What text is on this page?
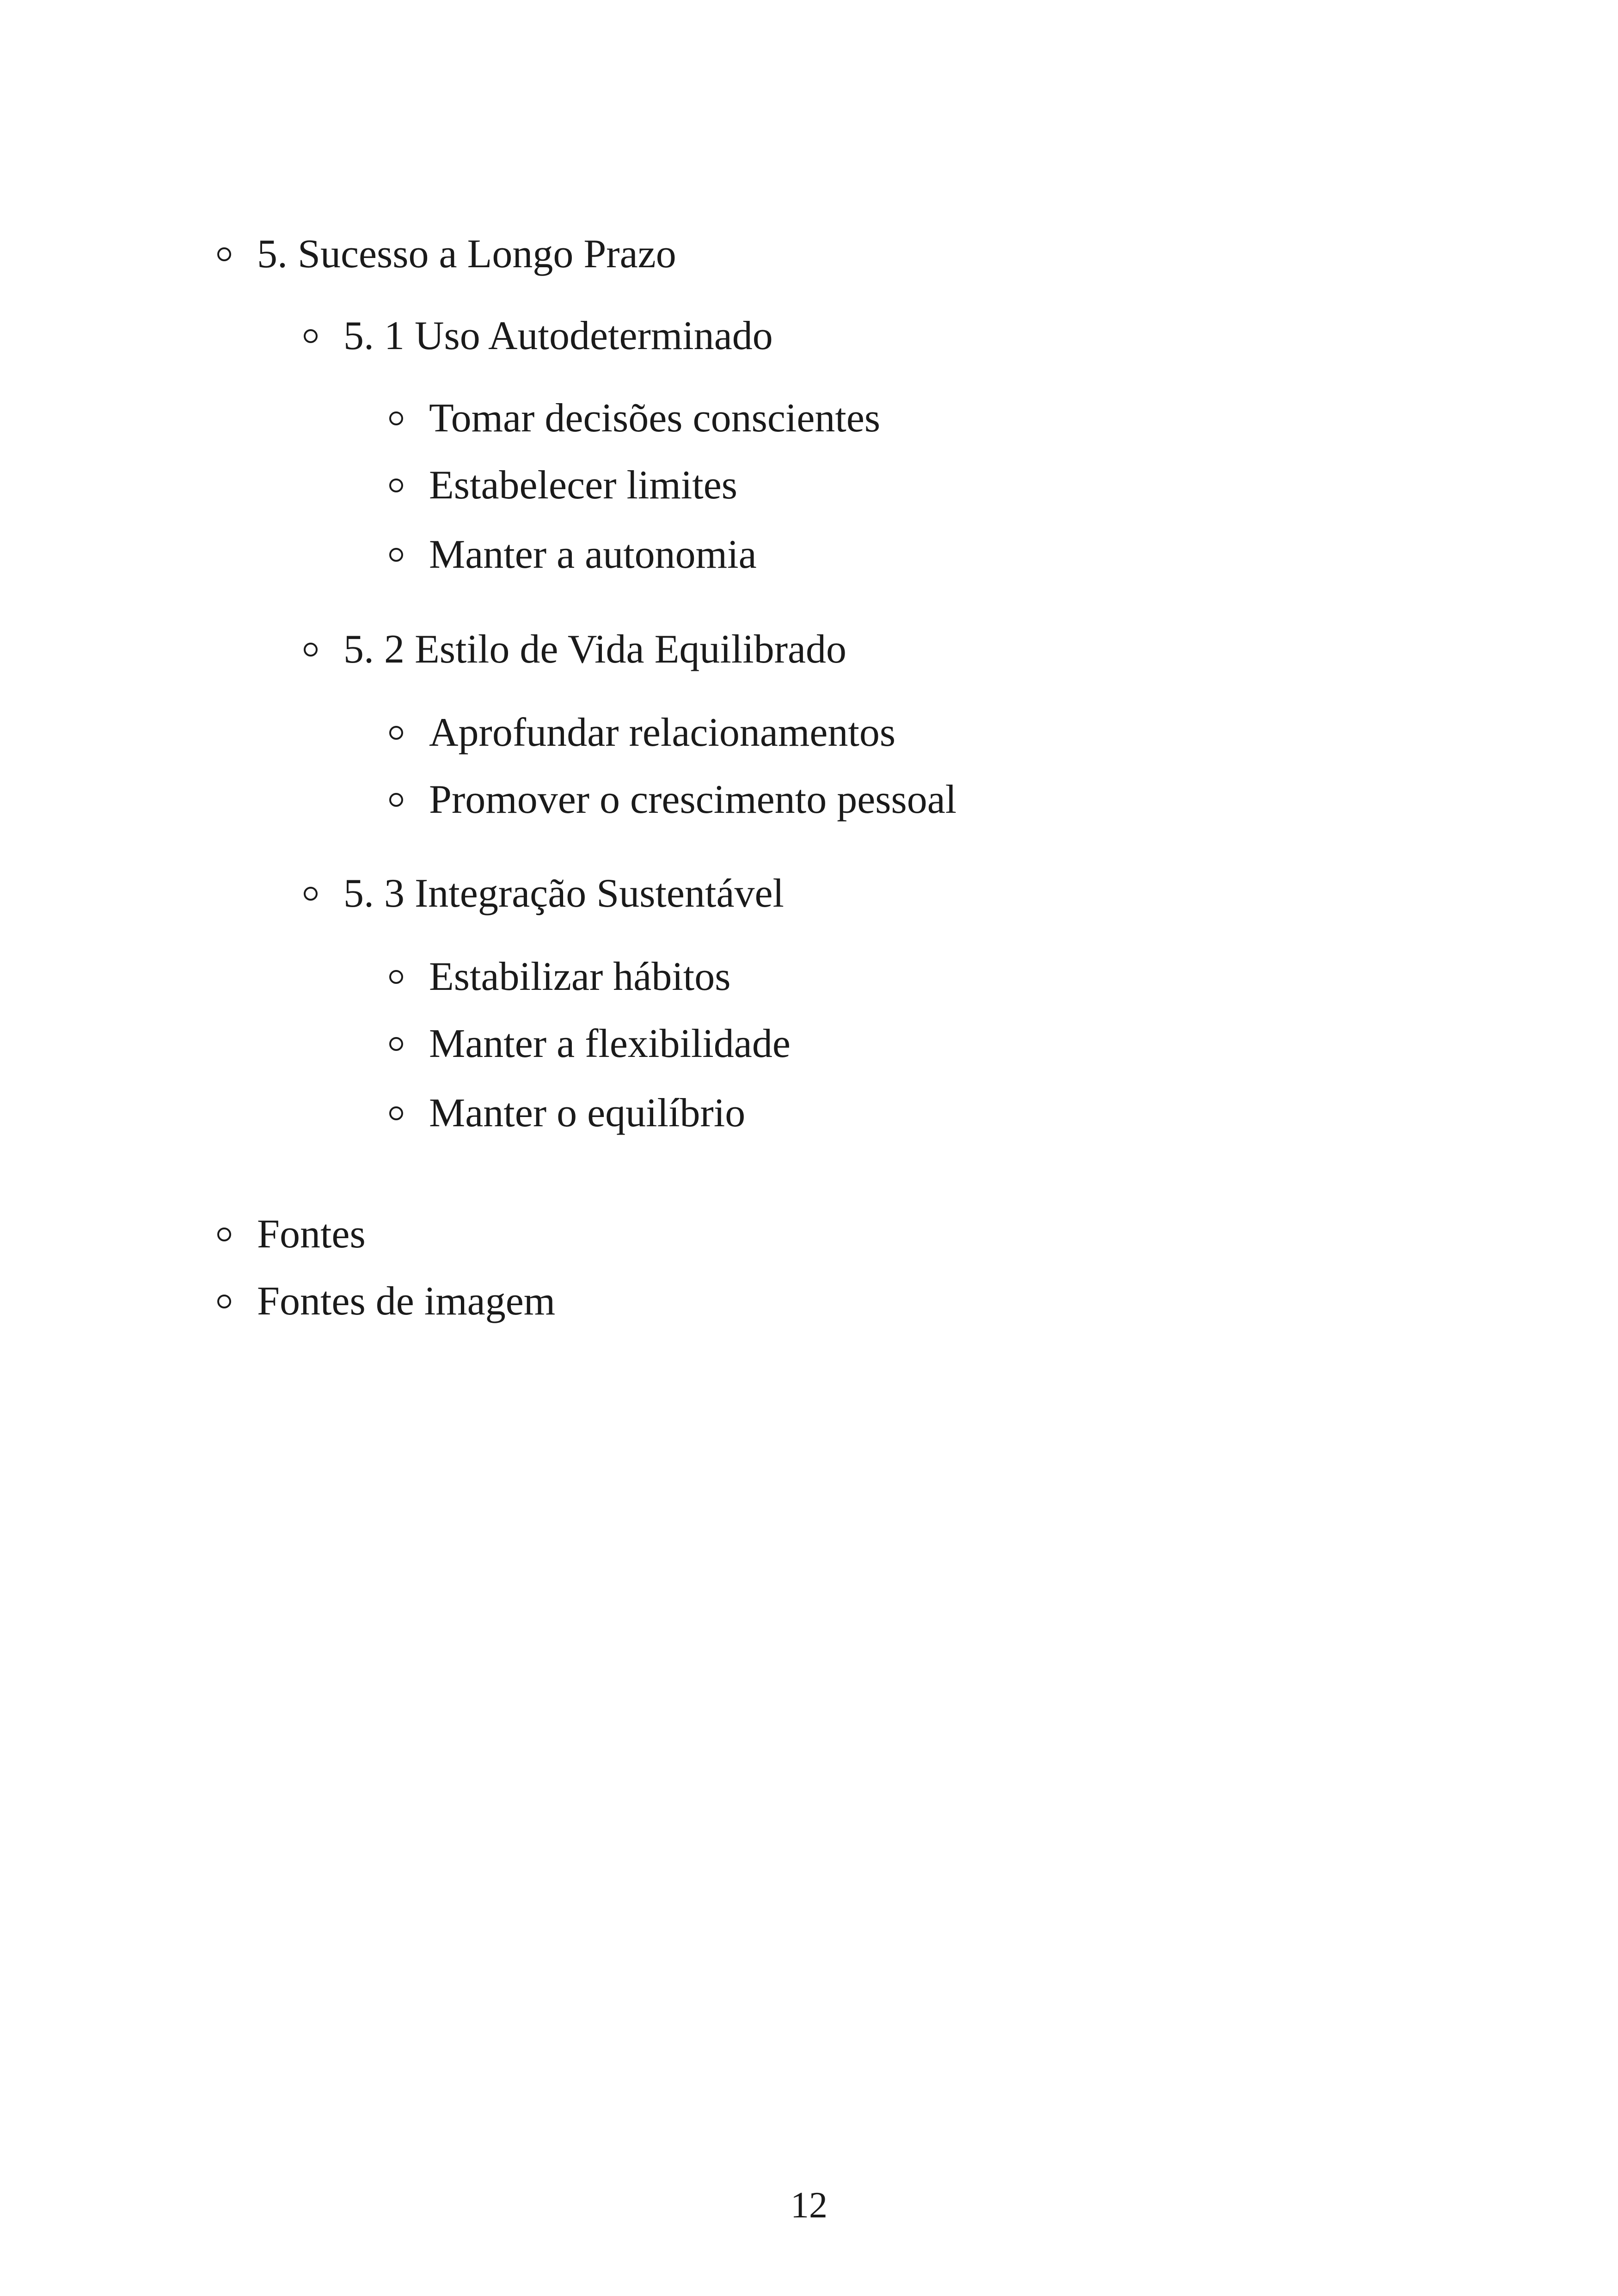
5. Sucesso a Longo Prazo
5. 1 Uso Autodeterminado
Tomar decisões conscientes
Estabelecer limites
Manter a autonomia
5. 2 Estilo de Vida Equilibrado
Aprofundar relacionamentos
Promover o crescimento pessoal
5. 3 Integração Sustentável
Estabilizar hábitos
Manter a flexibilidade
Manter o equilíbrio
Fontes
Fontes de imagem
12
